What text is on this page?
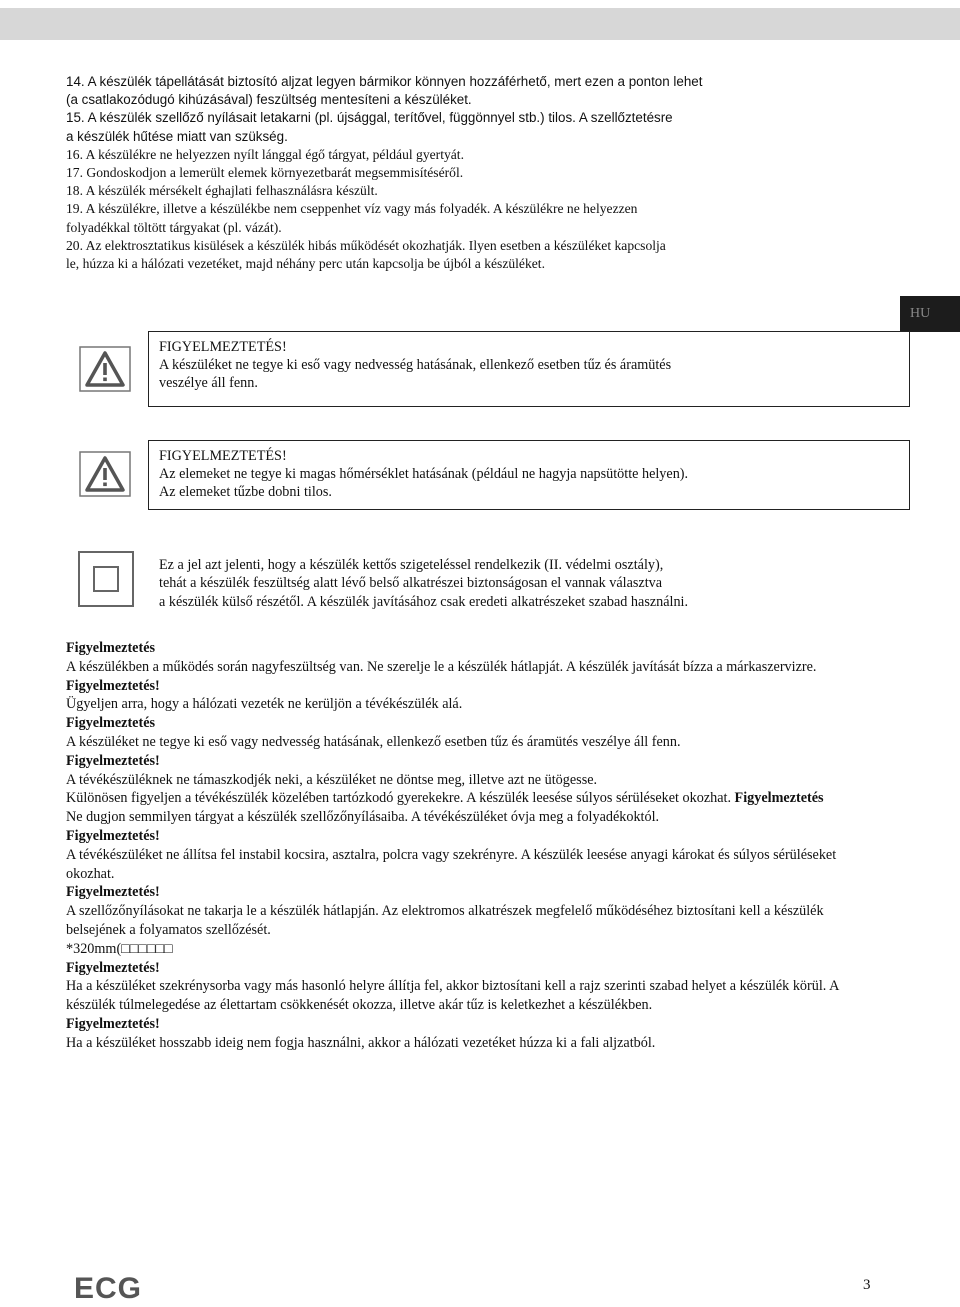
14. A készülék tápellátását biztosító aljzat legyen bármikor könnyen hozzáférhető, mert ezen a ponton lehet

(a csatlakozódugó kihúzásával) feszültség mentesíteni a készüléket.

15. A készülék szellőző nyílásait letakarni (pl. újsággal, terítővel, függönnyel stb.) tilos. A szellőztetésre

a készülék hűtése miatt van szükség.

16. A készülékre ne helyezzen nyílt lánggal égő tárgyat, például gyertyát.

17. Gondoskodjon a lemerült elemek környezetbarát megsemmisítéséről.

18. A készülék mérsékelt éghajlati felhasználásra készült.

19. A készülékre, illetve a készülékbe nem cseppenhet víz vagy más folyadék. A készülékre ne helyezzen

folyadékkal töltött tárgyakat (pl. vázát).

20. Az elektrosztatikus kisülések a készülék hibás működését okozhatják. Ilyen esetben a készüléket kapcsolja

le, húzza ki a hálózati vezetéket, majd néhány perc után kapcsolja be újból a készüléket.

HU
FIGYELMEZTETÉS!
A készüléket ne tegye ki eső vagy nedvesség hatásának, ellenkező esetben tűz és áramütés
veszélye áll fenn.
FIGYELMEZTETÉS!
Az elemeket ne tegye ki magas hőmérséklet hatásának (például ne hagyja napsütötte helyen).
Az elemeket tűzbe dobni tilos.

Ez a jel azt jelenti, hogy a készülék kettős szigeteléssel rendelkezik (II. védelmi osztály),

tehát a készülék feszültség alatt lévő belső alkatrészei biztonságosan el vannak választva

a készülék külső részétől. A készülék javításához csak eredeti alkatrészeket szabad használni.

Figyelmeztetés

A készülékben a működés során nagyfeszültség van. Ne szerelje le a készülék hátlapját. A készülék javítását bízza a márkaszervizre.

Figyelmeztetés!

Ügyeljen arra, hogy a hálózati vezeték ne kerüljön a tévékészülék alá.

Figyelmeztetés

A készüléket ne tegye ki eső vagy nedvesség hatásának, ellenkező esetben tűz és áramütés veszélye áll fenn.

Figyelmeztetés!

A tévékészüléknek ne támaszkodjék neki, a készüléket ne döntse meg, illetve azt ne ütögesse.

Különösen figyeljen a tévékészülék közelében tartózkodó gyerekekre. A készülék leesése súlyos sérüléseket okozhat. Figyelmeztetés

Ne dugjon semmilyen tárgyat a készülék szellőzőnyílásaiba. A tévékészüléket óvja meg a folyadékoktól.

Figyelmeztetés!

A tévékészüléket ne állítsa fel instabil kocsira, asztalra, polcra vagy szekrényre. A készülék leesése anyagi károkat és súlyos sérüléseket

okozhat.

Figyelmeztetés!

A szellőzőnyílásokat ne takarja le a készülék hátlapján. Az elektromos alkatrészek megfelelő működéséhez biztosítani kell a készülék

belsejének a folyamatos szellőzését.

*320mm(□□□□□□

Figyelmeztetés!

Ha a készüléket szekrénysorba vagy más hasonló helyre állítja fel, akkor biztosítani kell a rajz szerinti szabad helyet a készülék körül. A

készülék túlmelegedése az élettartam csökkenését okozza, illetve akár tűz is keletkezhet a készülékben.

Figyelmeztetés!

Ha a készüléket hosszabb ideig nem fogja használni, akkor a hálózati vezetéket húzza ki a fali aljzatból.

ECG	3
